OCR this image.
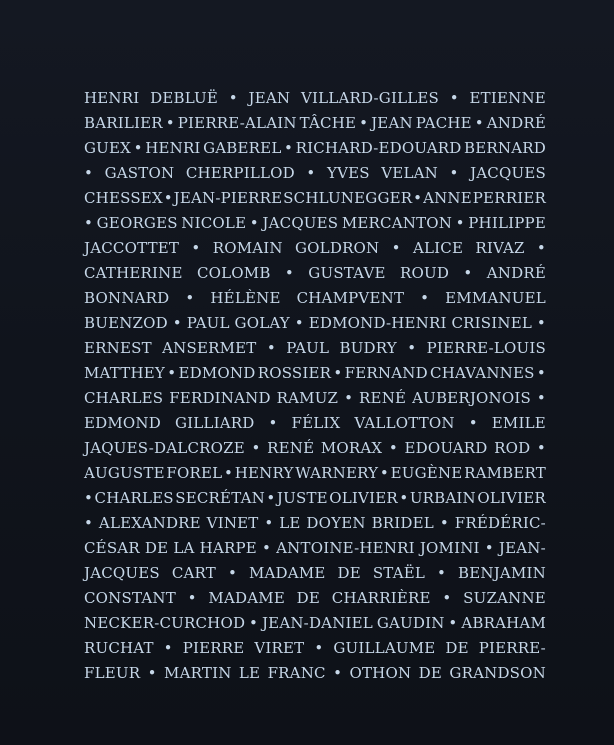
HENRI DEBLUË • JEAN VILLARD-GILLES • ETIENNE
BARILIER • PIERRE-ALAIN TÂCHE • JEAN PACHE • ANDRÉ
GUEX • HENRI GABEREL • RICHARD-EDOUARD BERNARD
• GASTON CHERPILLOD • YVES VELAN • JACQUES
CHESSEX • JEAN-PIERRE SCHLUNEGGER • ANNE PERRIER
• GEORGES NICOLE • JACQUES MERCANTON • PHILIPPE
JACCOTTET • ROMAIN GOLDRON • ALICE RIVAZ •
CATHERINE COLOMB • GUSTAVE ROUD • ANDRÉ
BONNARD • HÉLÈNE CHAMPVENT • EMMANUEL
BUENZOD • PAUL GOLAY • EDMOND-HENRI CRISINEL •
ERNEST ANSERMET • PAUL BUDRY • PIERRE-LOUIS
MATTHEY • EDMOND ROSSIER • FERNAND CHAVANNES •
CHARLES FERDINAND RAMUZ • RENÉ AUBERJONOIS •
EDMOND GILLIARD • FÉLIX VALLOTTON • EMILE
JAQUES-DALCROZE • RENÉ MORAX • EDOUARD ROD •
AUGUSTE FOREL • HENRY WARNERY • EUGÈNE RAMBERT
• CHARLES SECRÉTAN • JUSTE OLIVIER • URBAIN OLIVIER
• ALEXANDRE VINET • LE DOYEN BRIDEL • FRÉDÉRIC-
CÉSAR DE LA HARPE • ANTOINE-HENRI JOMINI • JEAN-
JACQUES CART • MADAME DE STAËL • BENJAMIN
CONSTANT • MADAME DE CHARRIÈRE • SUZANNE
NECKER-CURCHOD • JEAN-DANIEL GAUDIN • ABRAHAM
RUCHAT • PIERRE VIRET • GUILLAUME DE PIERRE-
FLEUR • MARTIN LE FRANC • OTHON DE GRANDSON
